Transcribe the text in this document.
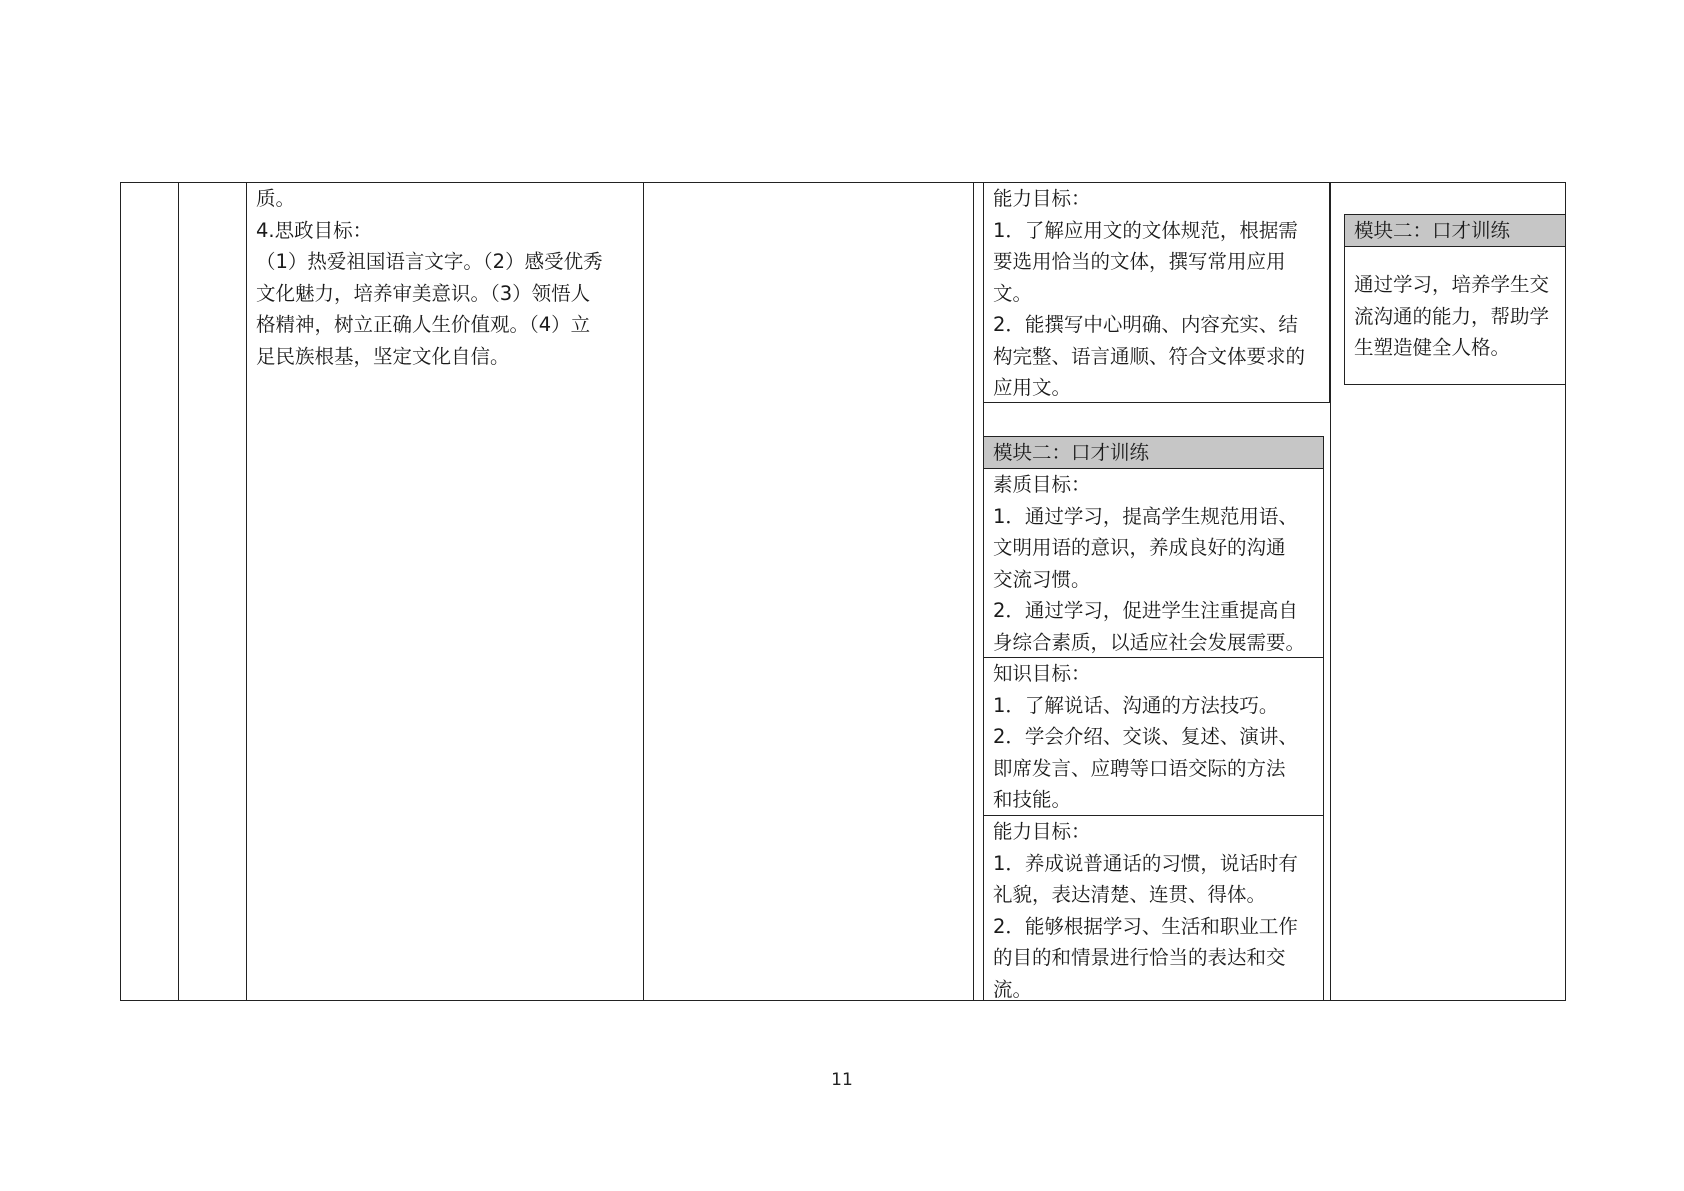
质。
4.思政目标：
（1）热爱祖国语言文字。（2）感受优秀
文化魅力，培养审美意识。（3）领悟人
格精神，树立正确人生价值观。（4）立
足民族根基，坚定文化自信。
能力目标：
1．了解应用文的文体规范，根据需
要选用恰当的文体，撰写常用应用
文。
2．能撰写中心明确、内容充实、结
构完整、语言通顺、符合文体要求的
应用文。
模块二：口才训练
素质目标：
1．通过学习，提高学生规范用语、
文明用语的意识，养成良好的沟通
交流习惯。
2．通过学习，促进学生注重提高自
身综合素质，以适应社会发展需要。
知识目标：
1．了解说话、沟通的方法技巧。
2．学会介绍、交谈、复述、演讲、
即席发言、应聘等口语交际的方法
和技能。
能力目标：
1．养成说普通话的习惯，说话时有
礼貌，表达清楚、连贯、得体。
2．能够根据学习、生活和职业工作
的目的和情景进行恰当的表达和交
流。
模块二：口才训练
通过学习，培养学生交
流沟通的能力，帮助学
生塑造健全人格。
11
